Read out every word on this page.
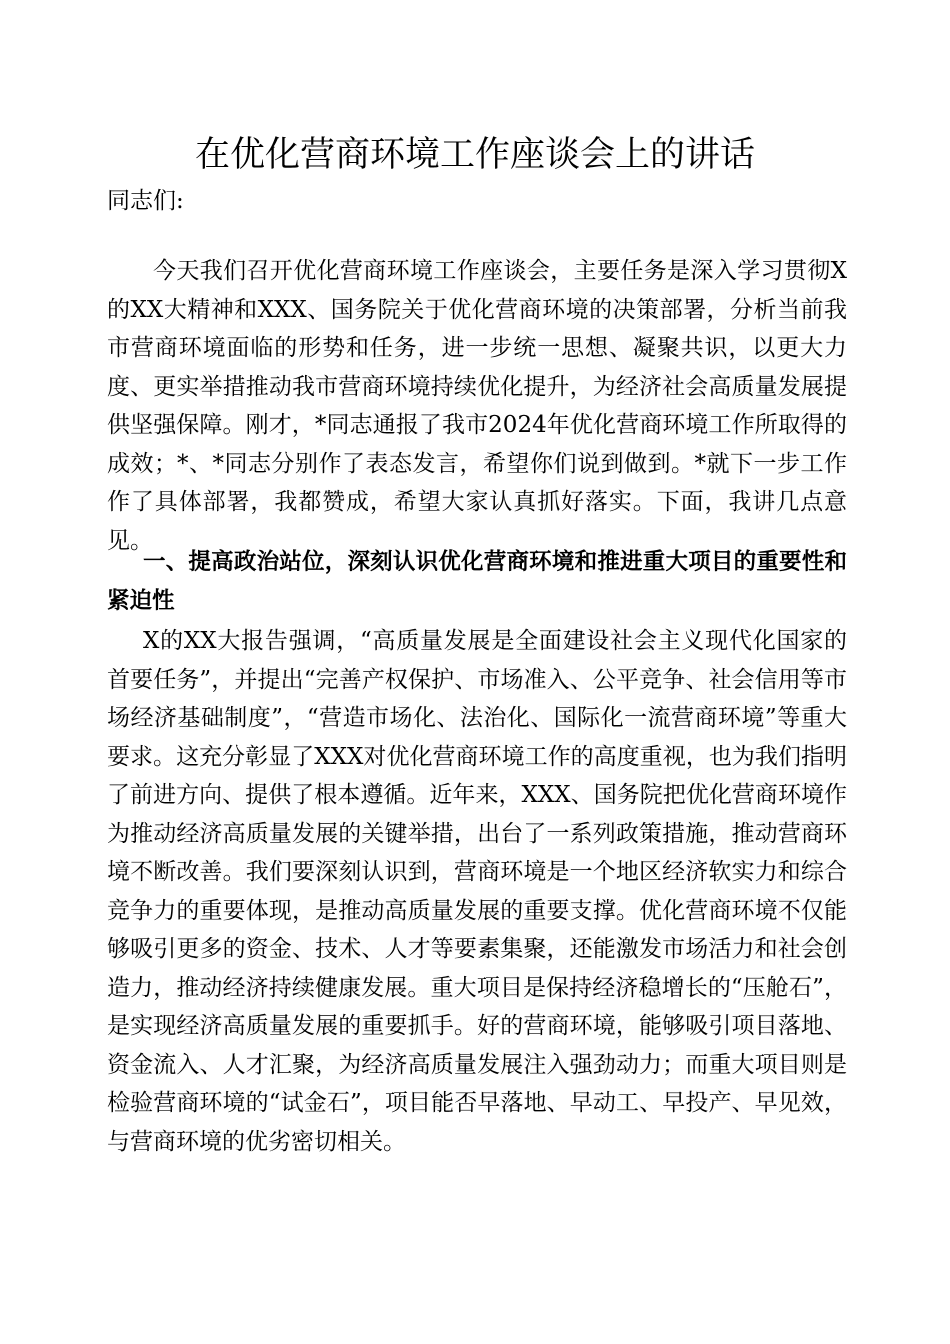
在优化营商环境工作座谈会上的讲话

同志们:

今天我们召开优化营商环境工作座谈会，主要任务是深入学习贯彻X的XX大精神和XXX、国务院关于优化营商环境的决策部署，分析当前我市营商环境面临的形势和任务，进一步统一思想、凝聚共识，以更大力度、更实举措推动我市营商环境持续优化提升，为经济社会高质量发展提供坚强保障。刚才，*同志通报了我市2024年优化营商环境工作所取得的成效；*、*同志分别作了表态发言，希望你们说到做到。*就下一步工作作了具体部署，我都赞成，希望大家认真抓好落实。下面，我讲几点意见。

一、提高政治站位，深刻认识优化营商环境和推进重大项目的重要性和紧迫性

X的XX大报告强调，“高质量发展是全面建设社会主义现代化国家的首要任务”，并提出“完善产权保护、市场准入、公平竞争、社会信用等市场经济基础制度”，“营造市场化、法治化、国际化一流营商环境”等重大要求。这充分彰显了XXX对优化营商环境工作的高度重视，也为我们指明了前进方向、提供了根本遵循。近年来，XXX、国务院把优化营商环境作为推动经济高质量发展的关键举措，出台了一系列政策措施，推动营商环境不断改善。我们要深刻认识到，营商环境是一个地区经济软实力和综合竞争力的重要体现，是推动高质量发展的重要支撑。优化营商环境不仅能够吸引更多的资金、技术、人才等要素集聚，还能激发市场活力和社会创造力，推动经济持续健康发展。重大项目是保持经济稳增长的“压舱石”，是实现经济高质量发展的重要抓手。好的营商环境，能够吸引项目落地、资金流入、人才汇聚，为经济高质量发展注入强劲动力；而重大项目则是检验营商环境的“试金石”，项目能否早落地、早动工、早投产、早见效，与营商环境的优劣密切相关。
